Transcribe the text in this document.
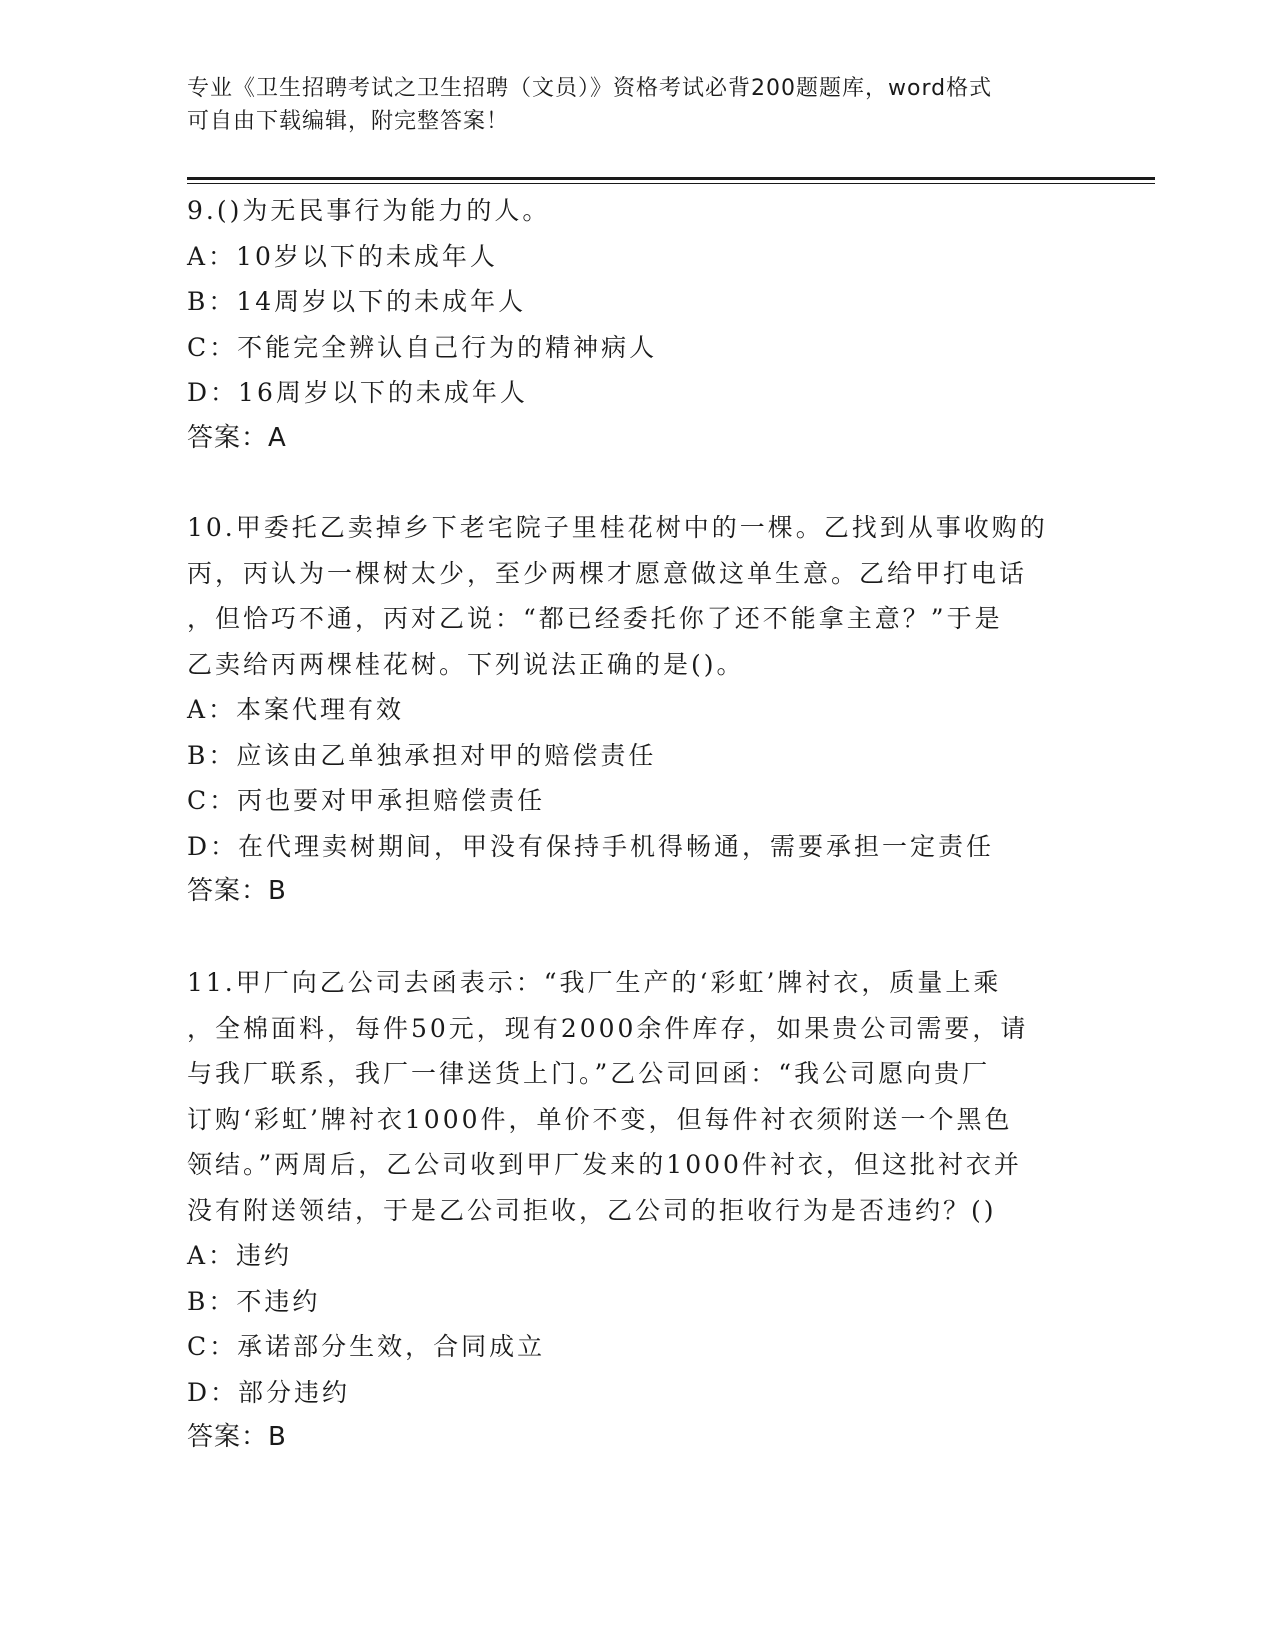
专业《卫生招聘考试之卫生招聘（文员）》资格考试必背200题题库，word格式
可自由下载编辑，附完整答案！
9.()为无民事行为能力的人。
A：10岁以下的未成年人
B：14周岁以下的未成年人
C：不能完全辨认自己行为的精神病人
D：16周岁以下的未成年人
答案：A
10.甲委托乙卖掉乡下老宅院子里桂花树中的一棵。乙找到从事收购的
丙，丙认为一棵树太少，至少两棵才愿意做这单生意。乙给甲打电话
，但恰巧不通，丙对乙说：“都已经委托你了还不能拿主意？”于是
乙卖给丙两棵桂花树。下列说法正确的是()。
A：本案代理有效
B：应该由乙单独承担对甲的赔偿责任
C：丙也要对甲承担赔偿责任
D：在代理卖树期间，甲没有保持手机得畅通，需要承担一定责任
答案：B
11.甲厂向乙公司去函表示：“我厂生产的‘彩虹’牌衬衣，质量上乘
，全棉面料，每件50元，现有2000余件库存，如果贵公司需要，请
与我厂联系，我厂一律送货上门。”乙公司回函：“我公司愿向贵厂
订购‘彩虹’牌衬衣1000件，单价不变，但每件衬衣须附送一个黑色
领结。”两周后，乙公司收到甲厂发来的1000件衬衣，但这批衬衣并
没有附送领结，于是乙公司拒收，乙公司的拒收行为是否违约？()
A：违约
B：不违约
C：承诺部分生效，合同成立
D：部分违约
答案：B
